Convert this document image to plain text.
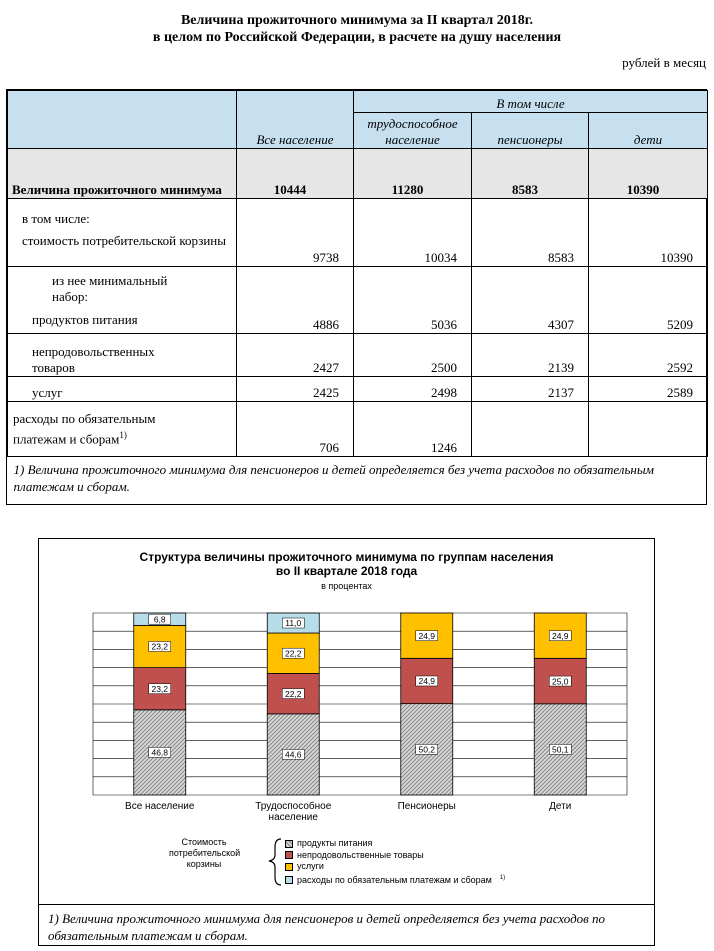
Величина прожиточного минимума за II квартал 2018г.
в целом по Российской Федерации, в расчете на душу населения
рублей в месяц
	Все население	В том числе		
		трудоспособное население	пенсионеры	дети
Величина прожиточного минимума	10444	11280	8583	10390

в том числе:
стоимость потребительской корзины	9738	10034	8583	10390

из нее минимальный набор:
продуктов питания	4886	5036	4307	5209
непродовольственных товаров	2427	2500	2139	2592
услуг	2425	2498	2137	2589
расходы по обязательным платежам и сборам$^{1)}$	706	1246		

1) Величина прожиточного минимума для пенсионеров и детей определяется без учета расходов по обязательным платежам и сборам.				
Структура величины прожиточного минимума по группам населения
во II квартале 2018 года
в процентах
46,8
23,2
23,2
6,8
Все население
44,6
22,2
22,2
11,0
Трудоспособное
население
50,2
24,9
24,9
Пенсионеры
50,1
25,0
24,9
Дети
Стоимость потребительской корзины
продукты питания
непродовольственные товары
услуги
расходы по обязательным платежам и сборам $^{1)}$
1) Величина прожиточного минимума для пенсионеров и детей определяется без учета расходов по обязательным платежам и сборам.
